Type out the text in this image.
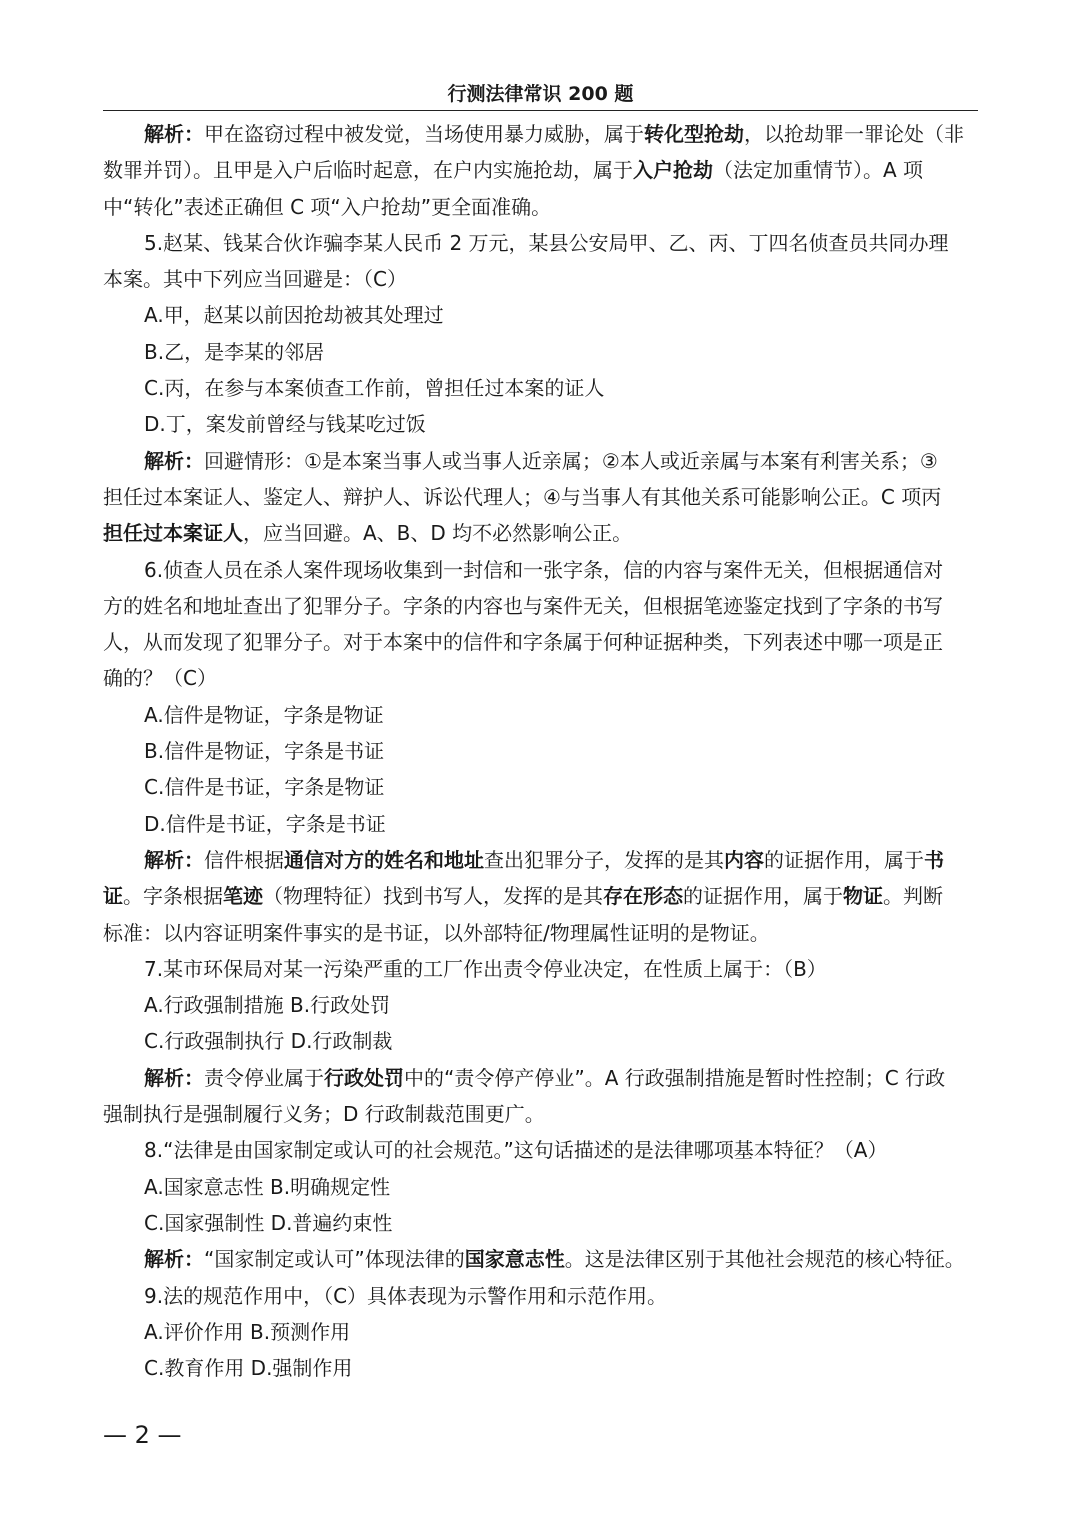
行测法律常识 200 题
解析：甲在盗窃过程中被发觉，当场使用暴力威胁，属于转化型抢劫，以抢劫罪一罪论处（非
数罪并罚）。且甲是入户后临时起意，在户内实施抢劫，属于入户抢劫（法定加重情节）。A 项
中“转化”表述正确但 C 项“入户抢劫”更全面准确。
5.赵某、钱某合伙诈骗李某人民币 2 万元，某县公安局甲、乙、丙、丁四名侦查员共同办理
本案。其中下列应当回避是：（C）
A.甲，赵某以前因抢劫被其处理过
B.乙，是李某的邻居
C.丙，在参与本案侦查工作前，曾担任过本案的证人
D.丁，案发前曾经与钱某吃过饭
解析：回避情形：①是本案当事人或当事人近亲属；②本人或近亲属与本案有利害关系；③
担任过本案证人、鉴定人、辩护人、诉讼代理人；④与当事人有其他关系可能影响公正。C 项丙
担任过本案证人，应当回避。A、B、D 均不必然影响公正。
6.侦查人员在杀人案件现场收集到一封信和一张字条，信的内容与案件无关，但根据通信对
方的姓名和地址查出了犯罪分子。字条的内容也与案件无关，但根据笔迹鉴定找到了字条的书写
人，从而发现了犯罪分子。对于本案中的信件和字条属于何种证据种类，下列表述中哪一项是正
确的？（C）
A.信件是物证，字条是物证
B.信件是物证，字条是书证
C.信件是书证，字条是物证
D.信件是书证，字条是书证
解析：信件根据通信对方的姓名和地址查出犯罪分子，发挥的是其内容的证据作用，属于书
证。字条根据笔迹（物理特征）找到书写人，发挥的是其存在形态的证据作用，属于物证。判断
标准：以内容证明案件事实的是书证，以外部特征/物理属性证明的是物证。
7.某市环保局对某一污染严重的工厂作出责令停业决定，在性质上属于：（B）
A.行政强制措施 B.行政处罚
C.行政强制执行 D.行政制裁
解析：责令停业属于行政处罚中的“责令停产停业”。A 行政强制措施是暂时性控制；C 行政
强制执行是强制履行义务；D 行政制裁范围更广。
8.“法律是由国家制定或认可的社会规范。”这句话描述的是法律哪项基本特征？（A）
A.国家意志性 B.明确规定性
C.国家强制性 D.普遍约束性
解析：“国家制定或认可”体现法律的国家意志性。这是法律区别于其他社会规范的核心特征。
9.法的规范作用中，（C）具体表现为示警作用和示范作用。
A.评价作用 B.预测作用
C.教育作用 D.强制作用
— 2 —
